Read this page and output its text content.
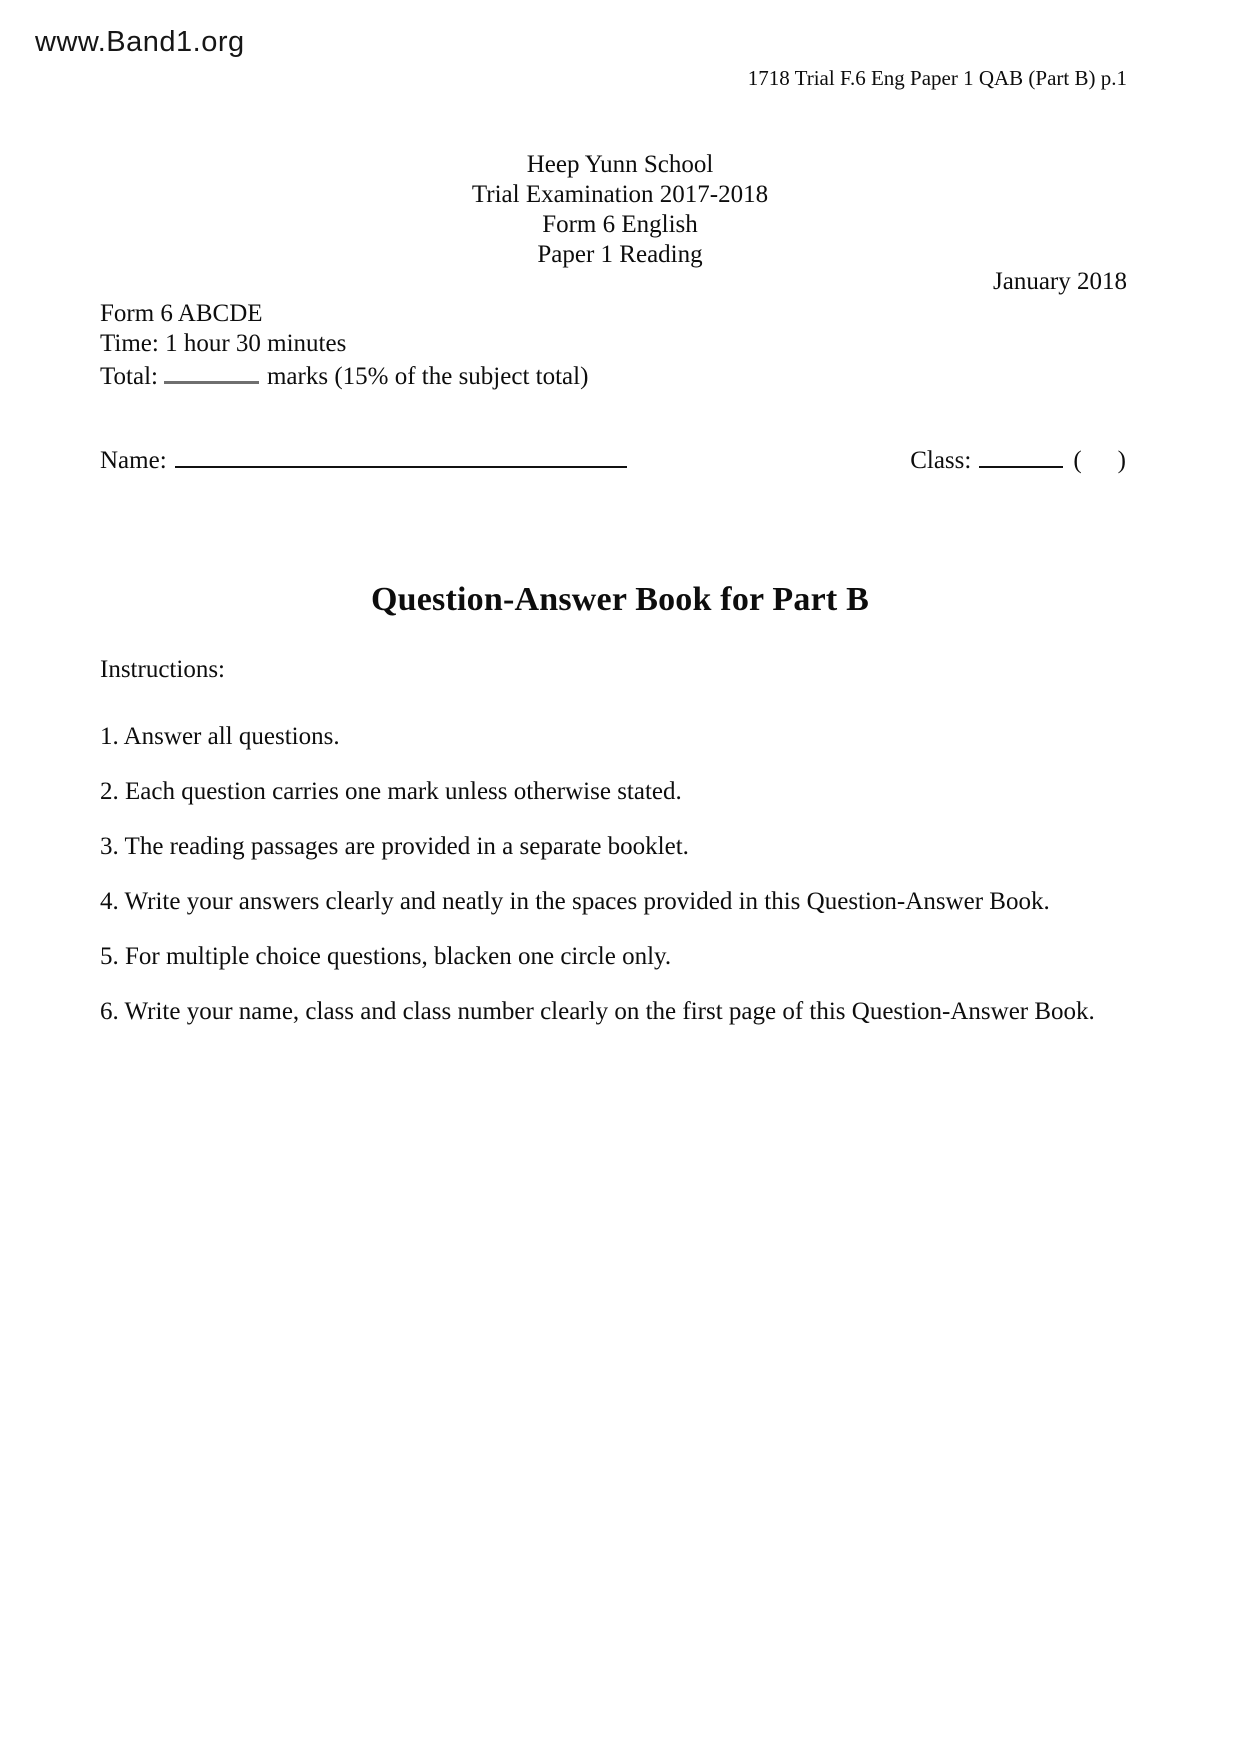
www.Band1.org
1718 Trial F.6 Eng Paper 1 QAB (Part B) p.1
Heep Yunn School
Trial Examination 2017-2018
Form 6 English
Paper 1 Reading
January 2018
Form 6 ABCDE
Time: 1 hour 30 minutes
Total:	marks (15% of the subject total)
Name:	Class:	( )
Question-Answer Book for Part B
Instructions:

1. Answer all questions.

2. Each question carries one mark unless otherwise stated.

3. The reading passages are provided in a separate booklet.

4. Write your answers clearly and neatly in the spaces provided in this Question-Answer Book.

5. For multiple choice questions, blacken one circle only.

6. Write your name, class and class number clearly on the first page of this Question-Answer Book.
